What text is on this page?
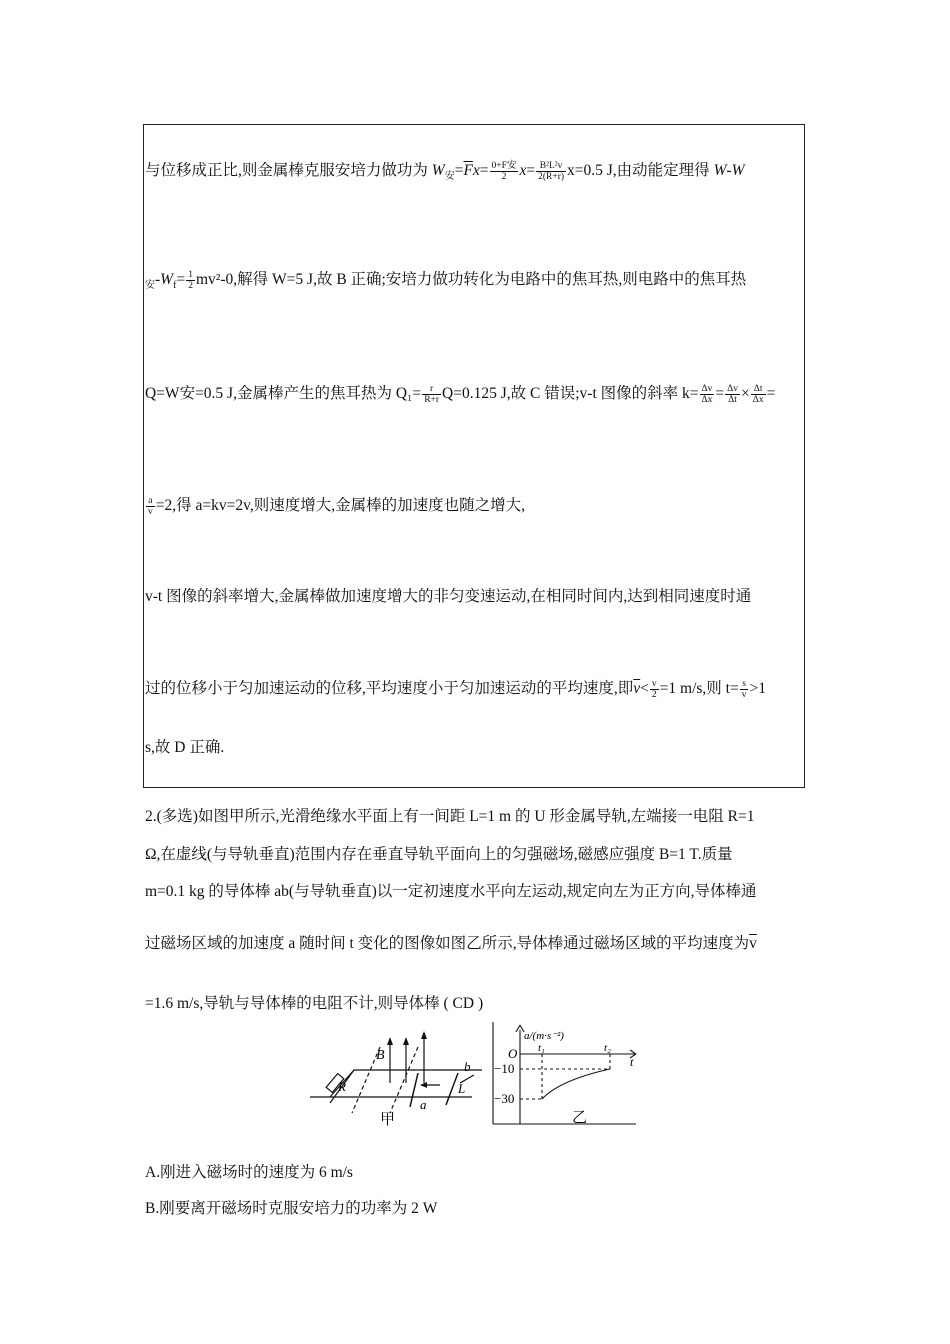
与位移成正比,则金属棒克服安培力做功为 $W_安=\overline{F}x= \frac{\text{0+F安}}{2} x= \frac{\text{B²L²v}}{2(R+r)} x=0.5$ J,由动能定理得 W-W
$_安-W_f= \frac{1}{2} mv^2-0$,解得 W=5 J,故 B 正确;安培力做功转化为电路中的焦耳热,则电路中的焦耳热
Q=W安=0.5 J,金属棒产生的焦耳热为 $Q_1= \frac{r}{R+r} Q=0.125$ J,故 C 错误;v-t 图像的斜率 $k= \frac{\Delta v}{\Delta x} = \frac{\Delta v}{\Delta t} \times \frac{\Delta t}{\Delta x}$ =
$\frac{a}{v} =2$,得 a=kv=2v,则速度增大,金属棒的加速度也随之增大,
v-t 图像的斜率增大,金属棒做加速度增大的非匀变速运动,在相同时间内,达到相同速度时通
过的位移小于匀加速运动的位移,平均速度小于匀加速运动的平均速度,即$\overline{v}< \frac{v}{2} =1$ m/s,则 $t= \frac{s}{v} >1$
s,故 D 正确.
2.(多选)如图甲所示,光滑绝缘水平面上有一间距 L=1 m 的 U 形金属导轨,左端接一电阻 R=1
Ω,在虚线(与导轨垂直)范围内存在垂直导轨平面向上的匀强磁场,磁感应强度 B=1 T.质量
m=0.1 kg 的导体棒 ab(与导轨垂直)以一定初速度水平向左运动,规定向左为正方向,导体棒通
过磁场区域的加速度 a 随时间 t 变化的图像如图乙所示,导体棒通过磁场区域的平均速度为$\overline{v}$
=1.6 m/s,导轨与导体棒的电阻不计,则导体棒 ( CD )
B
R
b
L
a
甲
a/(m·s⁻²)
O t₁	t₂
t
−10
−30
乙
A.刚进入磁场时的速度为 6 m/s
B.刚要离开磁场时克服安培力的功率为 2 W
